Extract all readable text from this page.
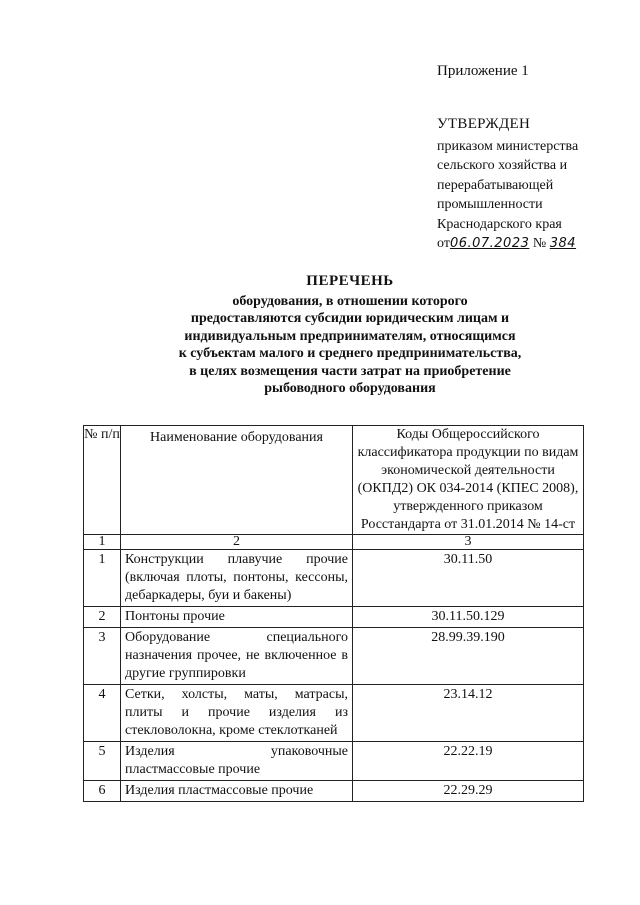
Приложение 1
УТВЕРЖДЕН
приказом министерства
сельского хозяйства и
перерабатывающей
промышленности
Краснодарского края
от06.07.2023 № 384
ПЕРЕЧЕНЬ
оборудования, в отношении которого
предоставляются субсидии юридическим лицам и
индивидуальным предпринимателям, относящимся
к субъектам малого и среднего предпринимательства,
в целях возмещения части затрат на приобретение
рыбоводного оборудования
№ п/п	Наименование оборудования	Коды Общероссийского классификатора продукции по видам экономической деятельности (ОКПД2) ОК 034-2014 (КПЕС 2008), утвержденного приказом Росстандарта от 31.01.2014 № 14-ст
1	2	3
1	Конструкции плавучие прочие (включая плоты, понтоны, кессоны, дебаркадеры, буи и бакены)	30.11.50
2	Понтоны прочие	30.11.50.129
3	Оборудование специального назначения прочее, не включенное в другие группировки	28.99.39.190
4	Сетки, холсты, маты, матрасы, плиты и прочие изделия из стекловолокна, кроме стеклотканей	23.14.12
5	Изделия упаковочные пластмассовые прочие	22.22.19
6	Изделия пластмассовые прочие	22.29.29
